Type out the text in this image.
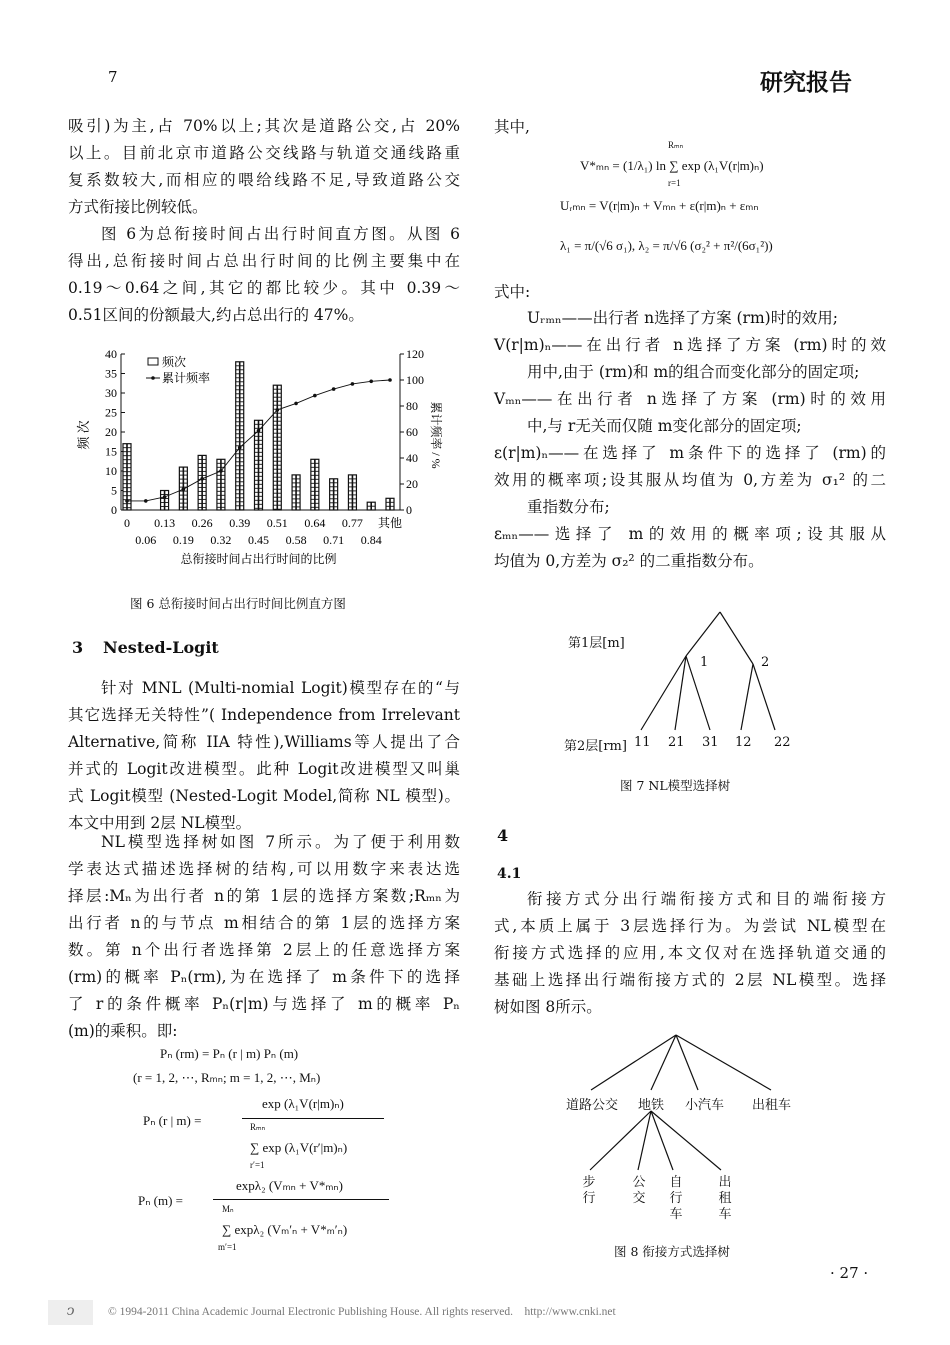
7	研究报告
吸引)为主,占 70%以上;其次是道路公交,占 20%
以上。目前北京市道路公交线路与轨道交通线路重
复系数较大,而相应的喂给线路不足,导致道路公交
方式衔接比例较低。
图 6为总衔接时间占出行时间直方图。从图 6
得出,总衔接时间占总出行时间的比例主要集中在
0.19～0.64之间,其它的都比较少。其中 0.39～
0.51区间的份额最大,约占总出行的 47%。
0
5
10
15
20
25
30
35
40
0
20
40
60
80
100
120
0
0.06
0.13
0.19
0.26
0.32
0.39
0.45
0.51
0.58
0.64
0.71
0.77
0.84
其他
总衔接时间占出行时间的比例
频 次	累计频率 / %
频次
累计频率
图 6 总衔接时间占出行时间比例直方图
3 Nested-Logit
针对 MNL (Multi-nomial Logit)模型存在的“与
其它选择无关特性”( Independence from Irrelevant
Alternative,简称 IIA 特性),Williams等人提出了合
并式的 Logit改进模型。此种 Logit改进模型又叫巢
式 Logit模型 (Nested-Logit Model,简称 NL 模型)。
本文中用到 2层 NL模型。
NL模型选择树如图 7所示。为了便于利用数
学表达式描述选择树的结构,可以用数字来表达选
择层:Mₙ为出行者 n的第 1层的选择方案数;Rₘₙ为
出行者 n的与节点 m相结合的第 1层的选择方案
数。第 n个出行者选择第 2层上的任意选择方案
(rm)的概率 Pₙ(rm),为在选择了 m条件下的选择
了 r的条件概率 Pₙ(r|m)与选择了 m的概率 Pₙ
(m)的乘积。即:
Pₙ (rm) = Pₙ (r | m) Pₙ (m)
(r = 1, 2, ⋯, Rₘₙ; m = 1, 2, ⋯, Mₙ)
Pₙ (r | m) =
exp (λ₁V(r|m)ₙ)
Rₘₙ
∑ exp (λ₁V(r′|m)ₙ)
r′=1
Pₙ (m) =
expλ₂ (Vₘₙ + V*ₘₙ)
Mₙ
∑ expλ₂ (Vₘ′ₙ + V*ₘ′ₙ)
m′=1
其中,
Rₘₙ
V*ₘₙ = (1/λ₁) ln ∑ exp (λ₁V(r|m)ₙ)
r=1
Uᵣₘₙ = V(r|m)ₙ + Vₘₙ + ε(r|m)ₙ + εₘₙ
λ₁ = π/(√6 σ₁), λ₂ = π/√6 (σ₂² + π²/(6σ₁²))
式中:
Uᵣₘₙ——出行者 n选择了方案 (rm)时的效用;
V(r|m)ₙ——在出行者 n选择了方案 (rm)时的效
用中,由于 (rm)和 m的组合而变化部分的固定项;
Vₘₙ——在出行者 n选择了方案 (rm)时的效用
中,与 r无关而仅随 m变化部分的固定项;
ε(r|m)ₙ——在选择了 m条件下的选择了 (rm)的
效用的概率项;设其服从均值为 0,方差为 σ₁² 的二
重指数分布;
εₘₙ——选择了 m的效用的概率项;设其服从
均值为 0,方差为 σ₂² 的二重指数分布。
第1层[m]
第2层[rm]
1	2
11 21 31 12 22
图 7 NL模型选择树
4
4.1
衔接方式分出行端衔接方式和目的端衔接方
式,本质上属于 3层选择行为。为尝试 NL模型在
衔接方式选择的应用,本文仅对在选择轨道交通的
基础上选择出行端衔接方式的 2层 NL模型。选择
树如图 8所示。
道路公交 地铁 小汽车 出租车
步行
公交
自行车
出租车
图 8 衔接方式选择树
· 27 ·
ↄ	© 1994-2011 China Academic Journal Electronic Publishing House. All rights reserved.    http://www.cnki.net
